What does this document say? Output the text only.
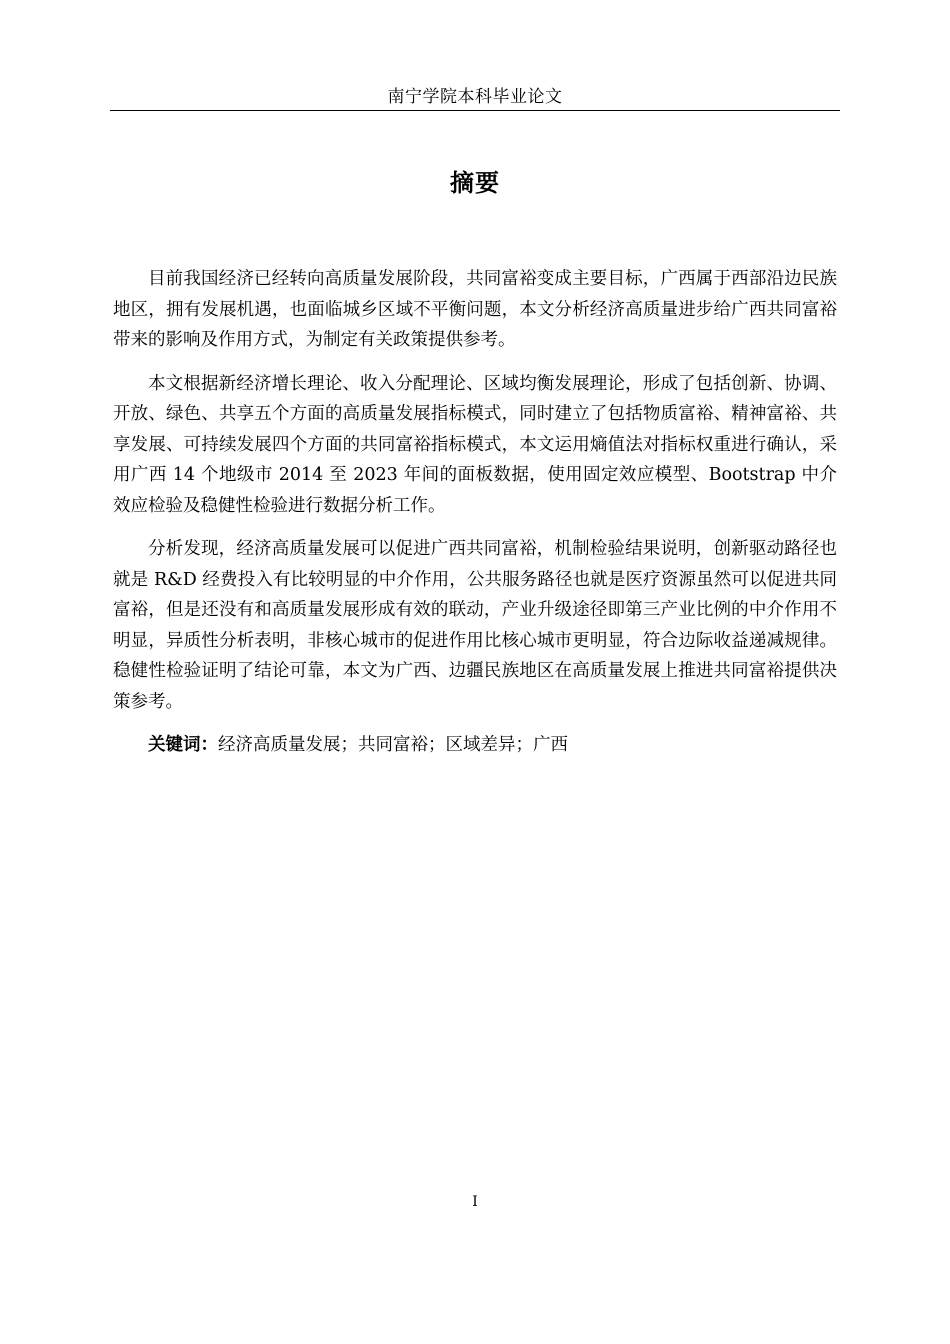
南宁学院本科毕业论文
摘要

目前我国经济已经转向高质量发展阶段，共同富裕变成主要目标，广西属于西部沿边民族地区，拥有发展机遇，也面临城乡区域不平衡问题，本文分析经济高质量进步给广西共同富裕带来的影响及作用方式，为制定有关政策提供参考。

本文根据新经济增长理论、收入分配理论、区域均衡发展理论，形成了包括创新、协调、开放、绿色、共享五个方面的高质量发展指标模式，同时建立了包括物质富裕、精神富裕、共享发展、可持续发展四个方面的共同富裕指标模式，本文运用熵值法对指标权重进行确认，采用广西 14 个地级市 2014 至 2023 年间的面板数据，使用固定效应模型、Bootstrap 中介效应检验及稳健性检验进行数据分析工作。

分析发现，经济高质量发展可以促进广西共同富裕，机制检验结果说明，创新驱动路径也就是 R&D 经费投入有比较明显的中介作用，公共服务路径也就是医疗资源虽然可以促进共同富裕，但是还没有和高质量发展形成有效的联动，产业升级途径即第三产业比例的中介作用不明显，异质性分析表明，非核心城市的促进作用比核心城市更明显，符合边际收益递减规律。稳健性检验证明了结论可靠，本文为广西、边疆民族地区在高质量发展上推进共同富裕提供决策参考。

关键词：经济高质量发展；共同富裕；区域差异；广西

I
